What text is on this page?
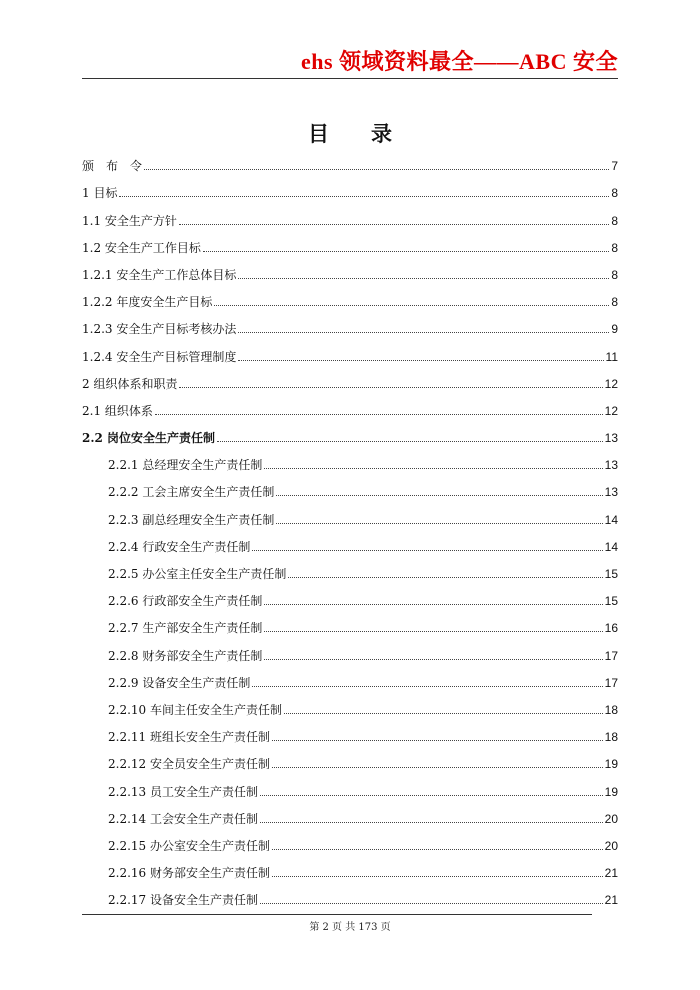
ehs 领域资料最全——ABC 安全
目　　录
颁　布　令	7
1 目标	8
1.1 安全生产方针	8
1.2 安全生产工作目标	8
1.2.1 安全生产工作总体目标	8
1.2.2 年度安全生产目标	8
1.2.3 安全生产目标考核办法	9
1.2.4 安全生产目标管理制度	11
2 组织体系和职责	12
2.1 组织体系	12
2.2 岗位安全生产责任制	13
2.2.1 总经理安全生产责任制	13
2.2.2 工会主席安全生产责任制	13
2.2.3 副总经理安全生产责任制	14
2.2.4 行政安全生产责任制	14
2.2.5 办公室主任安全生产责任制	15
2.2.6 行政部安全生产责任制	15
2.2.7 生产部安全生产责任制	16
2.2.8 财务部安全生产责任制	17
2.2.9 设备安全生产责任制	17
2.2.10 车间主任安全生产责任制	18
2.2.11 班组长安全生产责任制	18
2.2.12 安全员安全生产责任制	19
2.2.13 员工安全生产责任制	19
2.2.14 工会安全生产责任制	20
2.2.15 办公室安全生产责任制	20
2.2.16 财务部安全生产责任制	21
2.2.17 设备安全生产责任制	21
第 2 页 共 173 页
